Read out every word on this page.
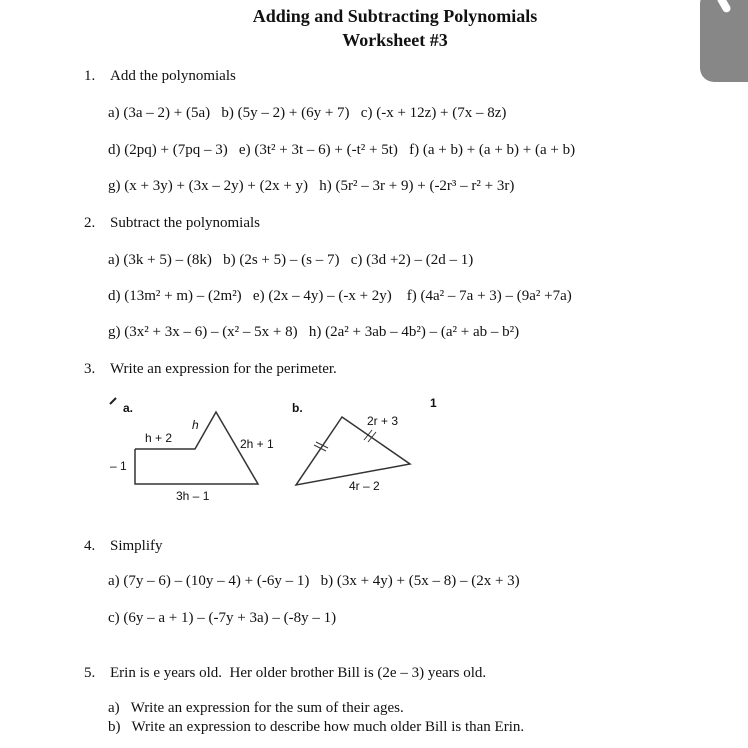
Adding and Subtracting Polynomials
Worksheet #3
1. Add the polynomials
a) (3a – 2) + (5a)   b) (5y – 2) + (6y + 7)   c) (-x + 12z) + (7x – 8z)
d) (2pq) + (7pq – 3)   e) (3t² + 3t – 6) + (-t² + 5t)   f) (a + b) + (a + b) + (a + b)
g) (x + 3y) + (3x – 2y) + (2x + y)   h) (5r² – 3r + 9) + (-2r³ – r² + 3r)
2. Subtract the polynomials
a) (3k + 5) – (8k)   b) (2s + 5) – (s – 7)   c) (3d +2) – (2d – 1)
d) (13m² + m) – (2m²)   e) (2x – 4y) – (-x + 2y)    f) (4a² – 7a + 3) – (9a² +7a)
g) (3x² + 3x – 6) – (x² – 5x + 8)   h) (2a² + 3ab – 4b²) – (a² + ab – b²)
3. Write an expression for the perimeter.
a.
h
h + 2	2h + 1
– 1
3h – 1
b.
2r + 3
4r – 2
1
4. Simplify
a) (7y – 6) – (10y – 4) + (-6y – 1)   b) (3x + 4y) + (5x – 8) – (2x + 3)
c) (6y – a + 1) – (-7y + 3a) – (-8y – 1)
5. Erin is e years old.  Her older brother Bill is (2e – 3) years old.
a)   Write an expression for the sum of their ages.
b)   Write an expression to describe how much older Bill is than Erin.
